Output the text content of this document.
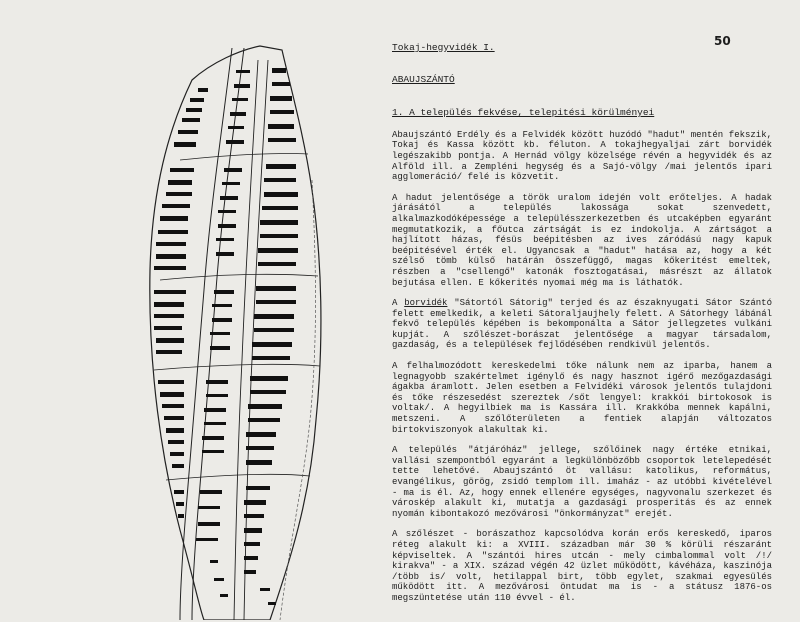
50
Tokaj-hegyvidék I.
ABAUJSZÁNTÓ
1. A település fekvése, telepitési körülményei

Abaujszántó Erdély és a Felvidék között huzódó "hadut" mentén fekszik, Tokaj és Kassa között kb. féluton. A tokajhegyaljai zárt borvidék legészakibb pontja. A Hernád völgy közelsége révén a hegyvidék és az Alföld ill. a Zempléni hegység és a Sajó-völgy /mai jelentős ipari agglomeráció/ felé is közvetit.

A hadut jelentősége a török uralom idején volt erőteljes. A hadak járásától a település lakossága sokat szenvedett, alkalmazkodóképessége a településszerkezetben és utcaképben egyaránt megmutatkozik, a főutca zártságát is ez indokolja. A zártságot a hajlított házas, fésüs beépitésben az ives záródású nagy kapuk beépitésével érték el. Ugyancsak a "hadut" hatása az, hogy a két szélső tömb külső határán összefüggő, magas kőkeritést emeltek, részben a "csellengő" katonák fosztogatásai, másrészt az állatok bejutása ellen. E kőkerités nyomai még ma is láthatók.

A borvidék "Sátortól Sátorig" terjed és az északnyugati Sátor Szántó felett emelkedik, a keleti Sátoraljaujhely felett. A Sátorhegy lábánál fekvő település képében is bekomponálta a Sátor jellegzetes vulkáni kupját. A szőlészet-borászat jelentősége a magyar társadalom, gazdaság, és a települések fejlődésében rendkivül jelentős.

A felhalmozódott kereskedelmi tőke nálunk nem az iparba, hanem a legnagyobb szakértelmet igénylő és nagy hasznot igérő mezőgazdasági ágakba áramlott. Jelen esetben a Felvidéki városok jelentős tulajdoni és tőke részesedést szereztek /sőt lengyel: krakkói birtokosok is voltak/. A hegyilbiek ma is Kassára ill. Krakkóba mennek kapálni, metszeni. A szőlőterületen a fentiek alapján változatos birtokviszonyok alakultak ki.

A település "átjáróház" jellege, szőlőinek nagy értéke etnikai, vallási szempontból egyaránt a legkülönbözőbb csoportok letelepedését tette lehetővé. Abaujszántó öt vallásu: katolikus, református, evangélikus, görög, zsidó templom ill. imaház - az utóbbi kivételével - ma is él. Az, hogy ennek ellenére egységes, nagyvonalu szerkezet és városkép alakult ki, mutatja a gazdasági prosperitás és az ennek nyomán kibontakozó mezővárosi "önkormányzat" erejét.

A szőlészet - borászathoz kapcsolódva korán erős kereskedő, iparos réteg alakult ki: a XVIII. században már 30 % körüli részaránt képviseltek. A "szántói hires utcán - mely cimbalommal volt /!/ kirakva" - a XIX. század végén 42 üzlet működött, kávéháza, kaszinója /több is/ volt, hetilappal birt, több egylet, szakmai egyesülés működött itt. A mezővárosi öntudat ma is - a státusz 1876-os megszüntetése után 110 évvel - él.
